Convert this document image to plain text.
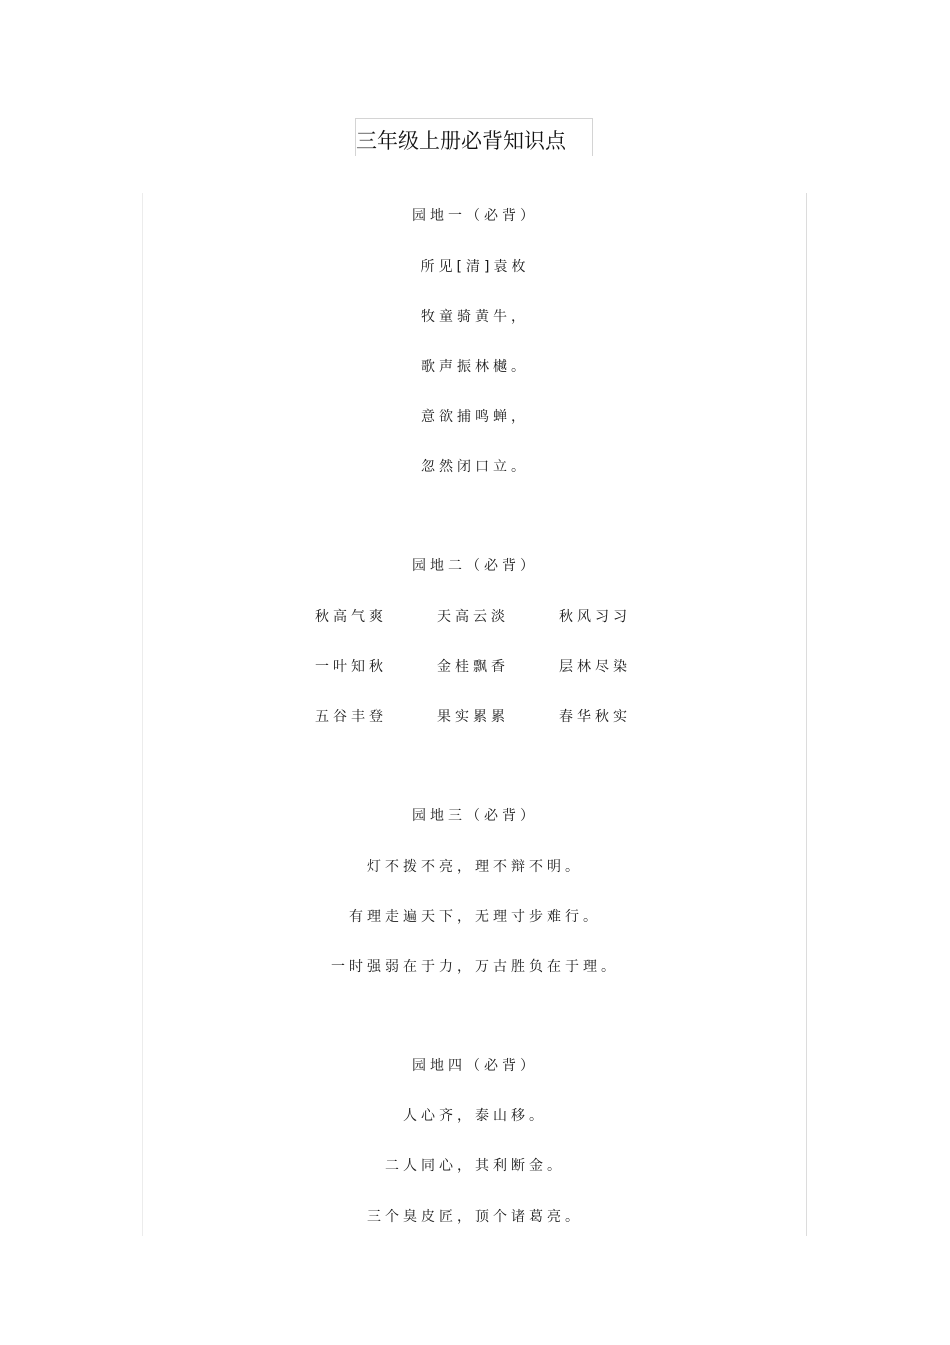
三年级上册必背知识点
园地一（必背）
所见[清]袁枚
牧童骑黄牛，
歌声振林樾。
意欲捕鸣蝉，
忽然闭口立。
园地二（必背）
秋高气爽	天高云淡	秋风习习
一叶知秋	金桂飘香	层林尽染
五谷丰登	果实累累	春华秋实
园地三（必背）
灯不拨不亮，理不辩不明。
有理走遍天下，无理寸步难行。
一时强弱在于力，万古胜负在于理。
园地四（必背）
人心齐，泰山移。
二人同心，其利断金。
三个臭皮匠，顶个诸葛亮。
